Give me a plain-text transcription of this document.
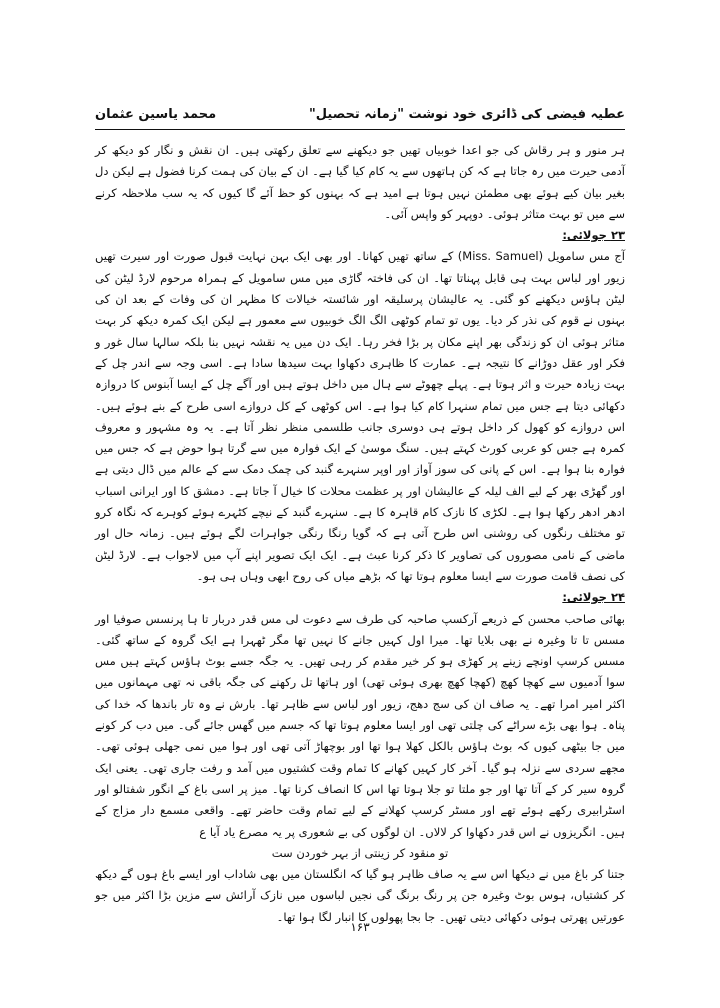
عطیہ فیضی کی ڈائری خود نوشت "زمانہ تحصیل"
محمد یاسین عثمان

ہر منور و ہر رقاش کی جو اعدا خوبیاں تھیں جو دیکھنے سے تعلق رکھتی ہیں۔ ان نقش و نگار کو دیکھ کر آدمی حیرت میں رہ جاتا ہے کہ کن ہاتھوں سے یہ کام کیا گیا ہے۔ ان کے بیان کی ہمت کرنا فضول ہے لیکن دل بغیر بیان کیے ہوئے بھی مطمئن نہیں ہوتا ہے امید ہے کہ بہنوں کو حظ آئے گا کیوں کہ یہ سب ملاحظہ کرنے سے میں تو بہت متاثر ہوئی۔ دوپہر کو واپس آئی۔

۲۳ جولائی:

آج مس سامویل (Miss. Samuel) کے ساتھ تھیں کھانا۔ اور بھی ایک بہن نہایت قبول صورت اور سیرت تھیں زیور اور لباس بہت ہی قابل پہناتا تھا۔ ان کی فاختہ گاڑی میں مس سامویل کے ہمراہ مرحوم لارڈ لیٹن کی لیٹن ہاؤس دیکھنے کو گئی۔ یہ عالیشان پرسلیقہ اور شائستہ خیالات کا مظہر ان کی وفات کے بعد ان کی بہنوں نے قوم کی نذر کر دیا۔ یوں تو تمام کوٹھی الگ الگ خوبیوں سے معمور ہے لیکن ایک کمرہ دیکھ کر بہت متاثر ہوئی ان کو زندگی بھر اپنے مکان پر بڑا فخر رہا۔ ایک دن میں یہ نقشہ نہیں بنا بلکہ سالہا سال غور و فکر اور عقل دوڑانے کا نتیجہ ہے۔ عمارت کا ظاہری دکھاوا بہت سیدھا سادا ہے۔ اسی وجہ سے اندر چل کے بہت زیادہ حیرت و اثر ہوتا ہے۔ پہلے چھوٹے سے ہال میں داخل ہوتے ہیں اور آگے چل کے ایسا آبنوس کا دروازہ دکھائی دیتا ہے جس میں تمام سنہرا کام کیا ہوا ہے۔ اس کوٹھی کے کل دروازے اسی طرح کے بنے ہوئے ہیں۔ اس دروازے کو کھول کر داخل ہوتے ہی دوسری جانب طلسمی منظر نظر آتا ہے۔ یہ وہ مشہور و معروف کمرہ ہے جس کو عربی کورٹ کہتے ہیں۔ سنگ موسیٰ کے ایک فوارہ میں سے گرتا ہوا حوض ہے کہ جس میں فوارہ بنا ہوا ہے۔ اس کے پانی کی سوز آواز اور اوپر سنہرے گنبد کی چمک دمک سے کے عالم میں ڈال دیتی ہے اور گھڑی بھر کے لیے الف لیلہ کے عالیشان اور پر عظمت محلات کا خیال آ جاتا ہے۔ دمشق کا اور ایرانی اسباب ادھر ادھر رکھا ہوا ہے۔ لکڑی کا نازک کام قاہرہ کا ہے۔ سنہرے گنبد کے نیچے کٹہرے ہوئے کوہرے کہ نگاہ کرو تو مختلف رنگوں کی روشنی اس طرح آتی ہے کہ گویا رنگا رنگی جواہرات لگے ہوئے ہیں۔ زمانہ حال اور ماضی کے نامی مصوروں کی تصاویر کا ذکر کرنا عبث ہے۔ ایک ایک تصویر اپنے آپ میں لاجواب ہے۔ لارڈ لیٹن کی نصف قامت صورت سے ایسا معلوم ہوتا تھا کہ بڑھے میاں کی روح ابھی وہاں ہی ہو۔

۲۴ جولائی:

بھائی صاحب محسن کے ذریعے آرکسپ صاحبہ کی طرف سے دعوت لی مس قدر دربار تا ہا پرنسس صوفیا اور مسس تا تا وغیرہ نے بھی بلایا تھا۔ میرا اول کہیں جانے کا نہیں تھا مگر ٹھہرا ہے ایک گروہ کے ساتھ گئی۔ مسس کرسپ اونچے زینے پر کھڑی ہو کر خیر مقدم کر رہی تھیں۔ یہ جگہ جسے بوٹ ہاؤس کہتے ہیں مس سوا آدمیوں سے کھچا کھچ (کھچا کھچ بھری ہوئی تھی) اور ہاتھا تل رکھنے کی جگہ باقی نہ تھی مہمانوں میں اکثر امیر امرا تھے۔ یہ صاف ان کی سج دھج، زیور اور لباس سے ظاہر تھا۔ بارش نے وہ تار باندھا کہ خدا کی پناہ۔ ہوا بھی بڑے سراٹے کی چلتی تھی اور ایسا معلوم ہوتا تھا کہ جسم میں گھس جائے گی۔ میں دب کر کونے میں جا بیٹھی کیوں کہ بوٹ ہاؤس بالکل کھلا ہوا تھا اور بوچھاڑ آتی تھی اور ہوا میں نمی جھلی ہوئی تھی۔ مجھے سردی سے نزلہ ہو گیا۔ آخر کار کہیں کھانے کا تمام وقت کشتیوں میں آمد و رفت جاری تھی۔ یعنی ایک گروہ سیر کر کے آتا تھا اور جو ملتا تو جلا ہوتا تھا اس کا انصاف کرنا تھا۔ میز پر اسی باغ کے انگور شفتالو اور اسٹرابیری رکھے ہوئے تھے اور مسٹر کرسپ کھلانے کے لیے تمام وقت حاضر تھے۔ واقعی مسمع دار مزاج کے ہیں۔ انگریزوں نے اس قدر دکھاوا کر لالاں۔ ان لوگوں کی بے شعوری پر یہ مصرع یاد آیا ع

تو منقود کر زینتی از بہر خوردن ست

جتنا کر باغ میں نے دیکھا اس سے یہ صاف ظاہر ہو گیا کہ انگلستان میں بھی شاداب اور ایسے باغ ہوں گے دیکھ کر کشتیاں، ہوس بوٹ وغیرہ جن پر رنگ برنگ گی نجیں لباسوں میں نازک آرائش سے مزین بڑا اکثر میں جو عورتیں پھرتی ہوئی دکھائی دیتی تھیں۔ جا بجا پھولوں کا انبار لگا ہوا تھا۔

۱۶۳
